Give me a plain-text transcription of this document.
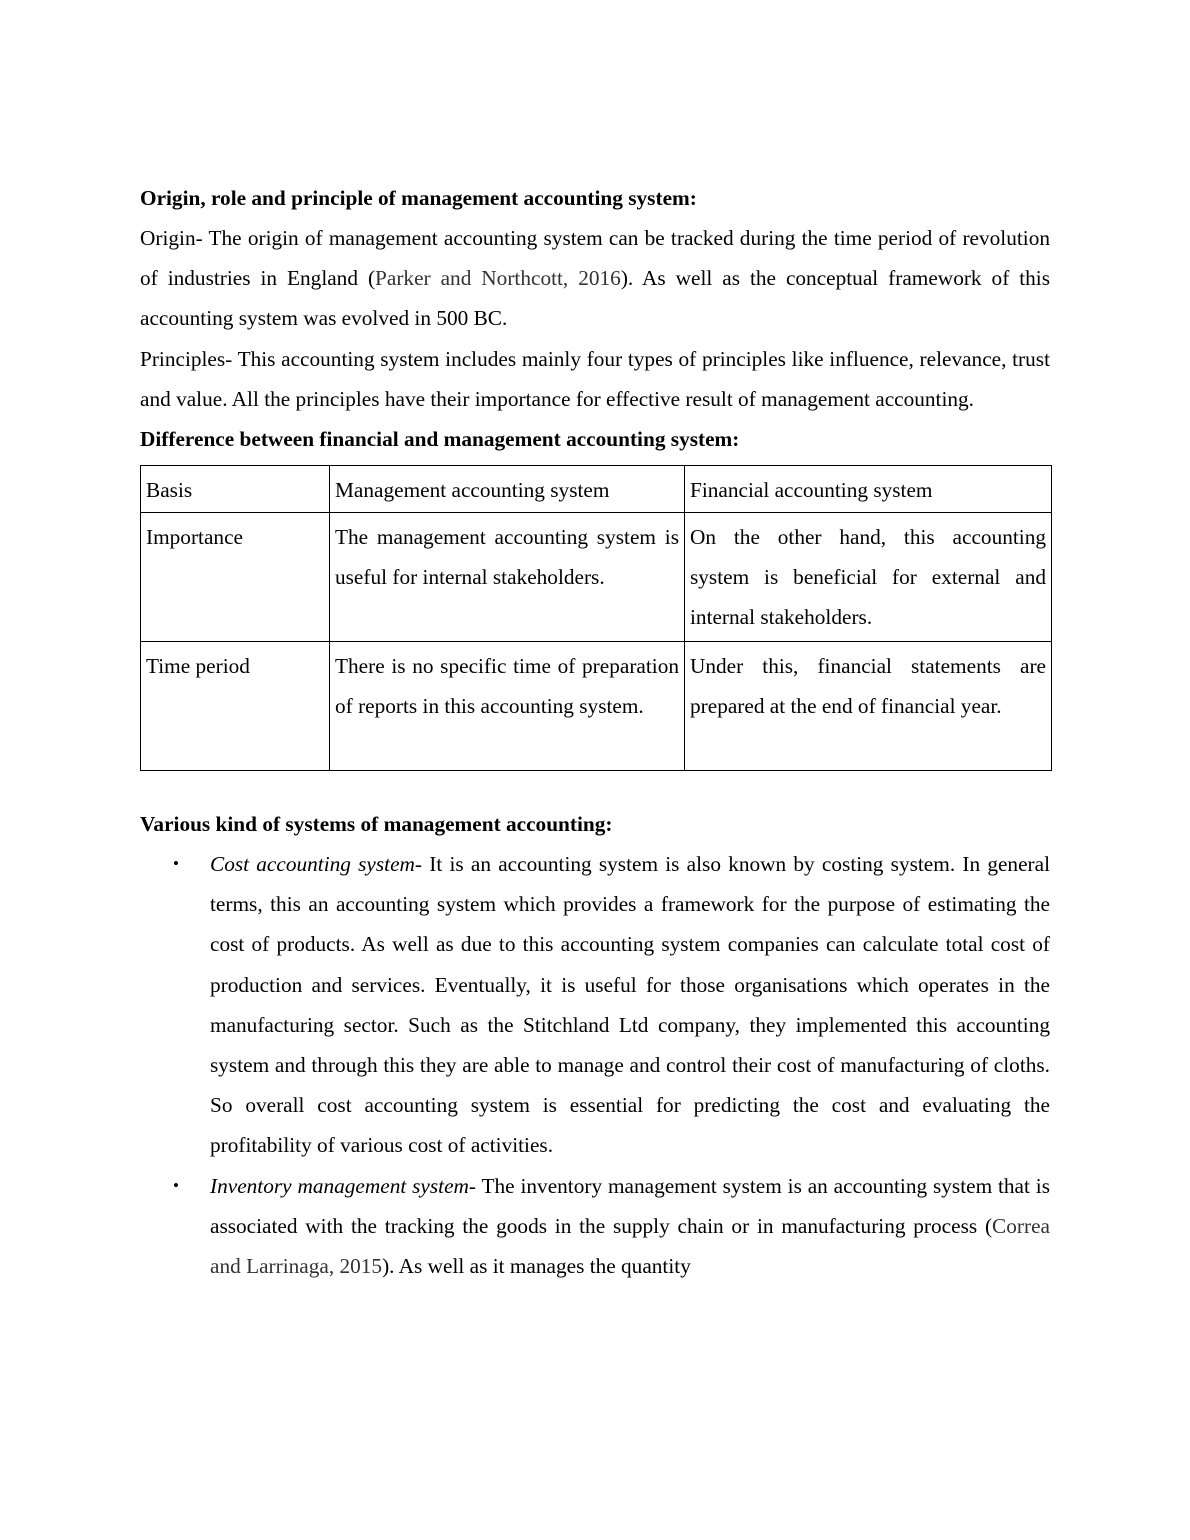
Origin, role and principle of management accounting system:

Origin- The origin of management accounting system can be tracked during the time period of revolution of industries in England (Parker and Northcott, 2016). As well as the conceptual framework of this accounting system was evolved in 500 BC.

Principles- This accounting system includes mainly four types of principles like influence, relevance, trust and value. All the principles have their importance for effective result of management accounting.

Difference between financial and management accounting system:

Basis	Management accounting system	Financial accounting system
Importance	The management accounting system is useful for internal stakeholders.	On the other hand, this accounting system is beneficial for external and internal stakeholders.
Time period	There is no specific time of preparation of reports in this accounting system.	Under this, financial statements are prepared at the end of financial year.

Various kind of systems of management accounting:

• Cost accounting system- It is an accounting system is also known by costing system. In general terms, this an accounting system which provides a framework for the purpose of estimating the cost of products. As well as due to this accounting system companies can calculate total cost of production and services. Eventually, it is useful for those organisations which operates in the manufacturing sector. Such as the Stitchland Ltd company, they implemented this accounting system and through this they are able to manage and control their cost of manufacturing of cloths. So overall cost accounting system is essential for predicting the cost and evaluating the profitability of various cost of activities.
• Inventory management system- The inventory management system is an accounting system that is associated with the tracking the goods in the supply chain or in manufacturing process (Correa and Larrinaga, 2015). As well as it manages the quantity
